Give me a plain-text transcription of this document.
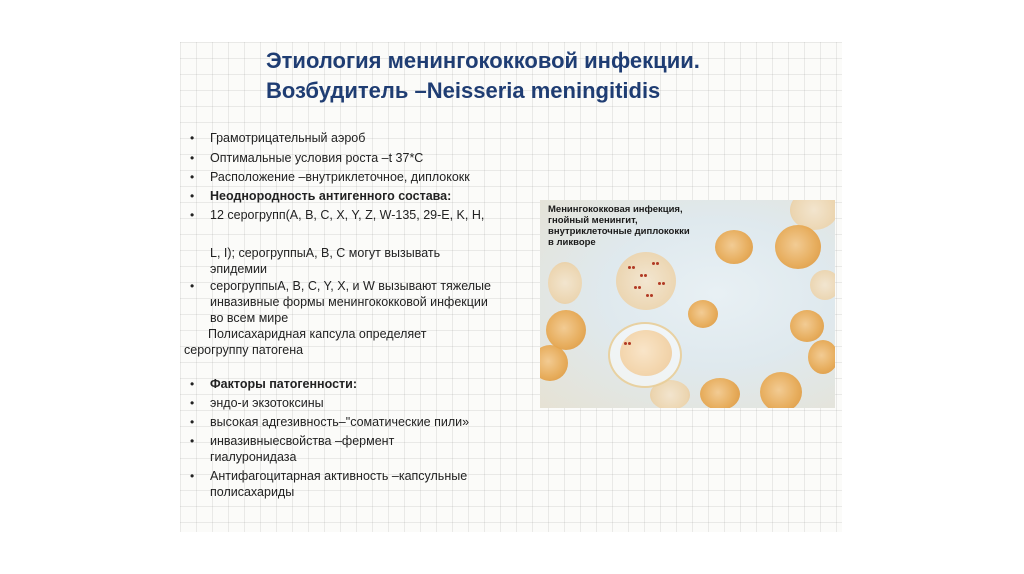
Этиология менингококковой инфекции.
Возбудитель –Neisseria meningitidis
• Грамотрицательный аэроб
• Оптимальные условия роста –t 37*C
• Расположение –внутриклеточное, диплококк
• Неоднородность антигенного состава:
• 12 серогрупп(A, B, C, X, Y, Z, W-135, 29-E, K, H,
L, I); серогруппыA, B, C могут вызывать эпидемии
• серогруппыA, B, C, Y, X, и W вызывают тяжелые инвазивные формы менингококковой инфекции во всем мире
Полисахаридная капсула определяет
серогруппу патогена
• Факторы патогенности:
• эндо-и экзотоксины
• высокая адгезивность–"соматические пили»
• инвазивныесвойства –фермент гиалуронидаза
• Антифагоцитарная активность –капсульные полисахариды
Менингококковая инфекция, гнойный менингит, внутриклеточные диплококки в ликворе
